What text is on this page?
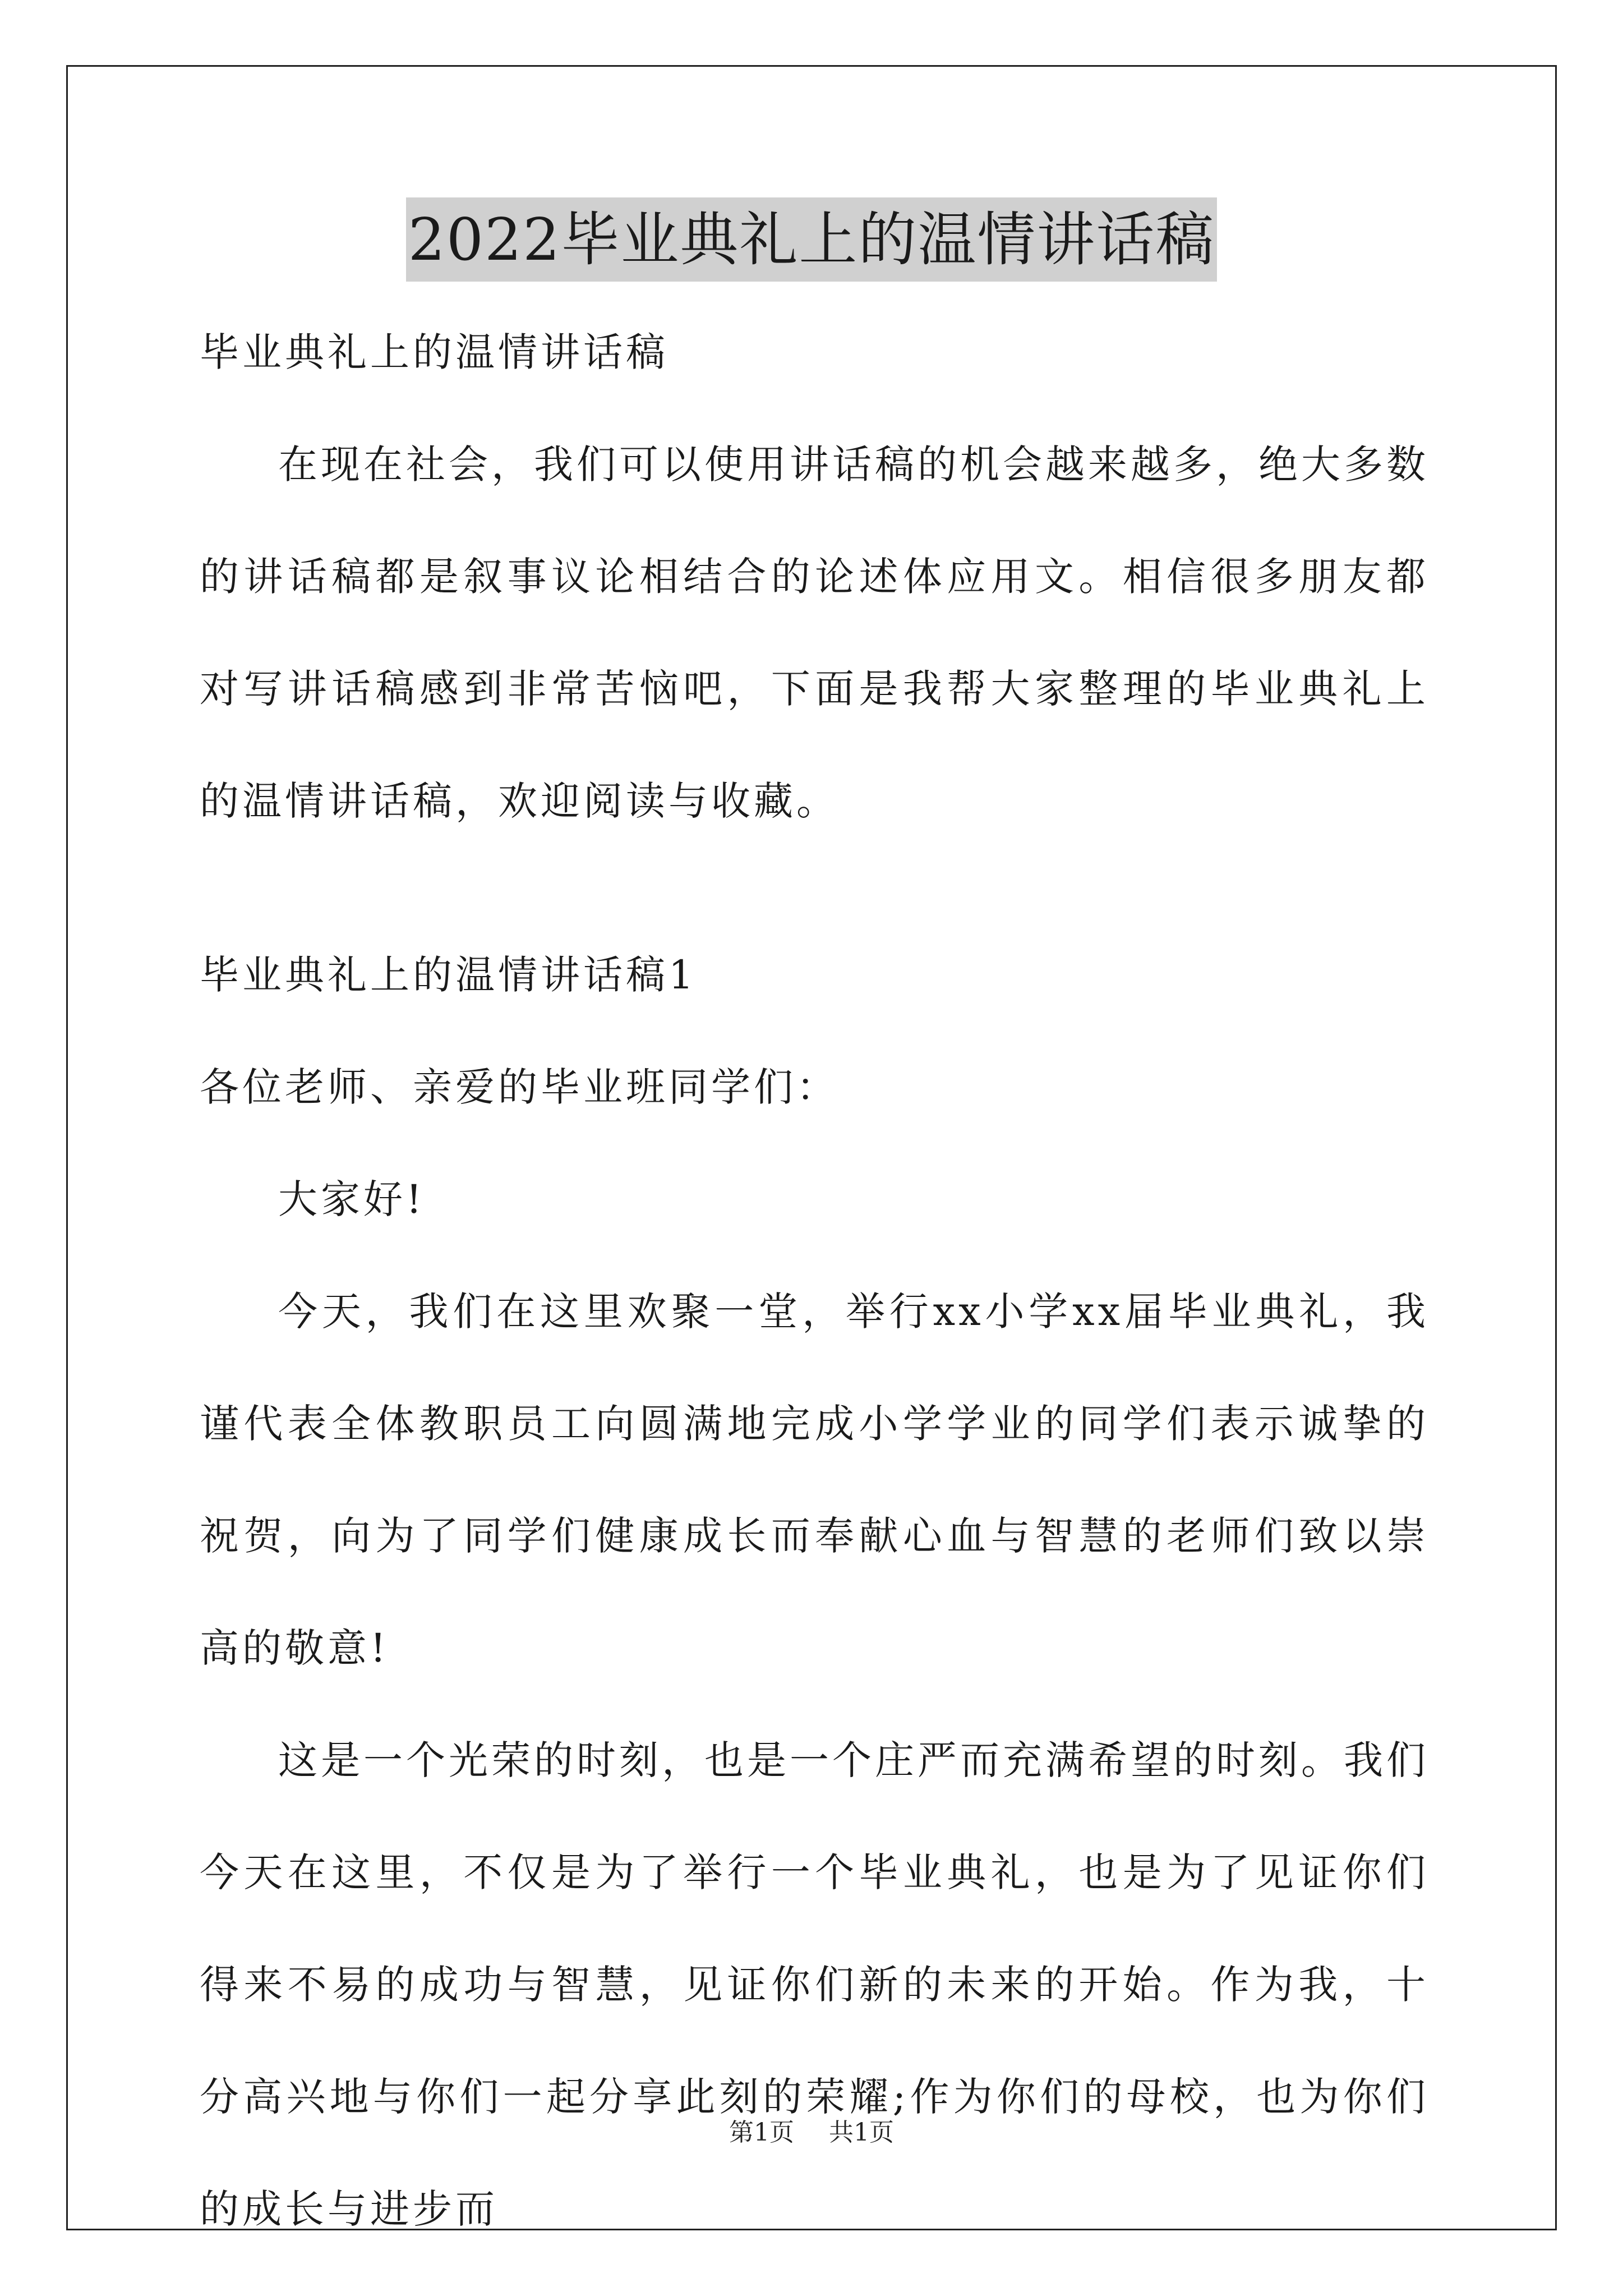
2022毕业典礼上的温情讲话稿

毕业典礼上的温情讲话稿

在现在社会，我们可以使用讲话稿的机会越来越多，绝大多数的讲话稿都是叙事议论相结合的论述体应用文。相信很多朋友都对写讲话稿感到非常苦恼吧，下面是我帮大家整理的毕业典礼上的温情讲话稿，欢迎阅读与收藏。

毕业典礼上的温情讲话稿1

各位老师、亲爱的毕业班同学们：

大家好!

今天，我们在这里欢聚一堂，举行xx小学xx届毕业典礼，我谨代表全体教职员工向圆满地完成小学学业的同学们表示诚挚的祝贺，向为了同学们健康成长而奉献心血与智慧的老师们致以崇高的敬意!

这是一个光荣的时刻，也是一个庄严而充满希望的时刻。我们今天在这里，不仅是为了举行一个毕业典礼，也是为了见证你们得来不易的成功与智慧，见证你们新的未来的开始。作为我，十分高兴地与你们一起分享此刻的荣耀;作为你们的母校，也为你们的成长与进步而

第1页 共1页
